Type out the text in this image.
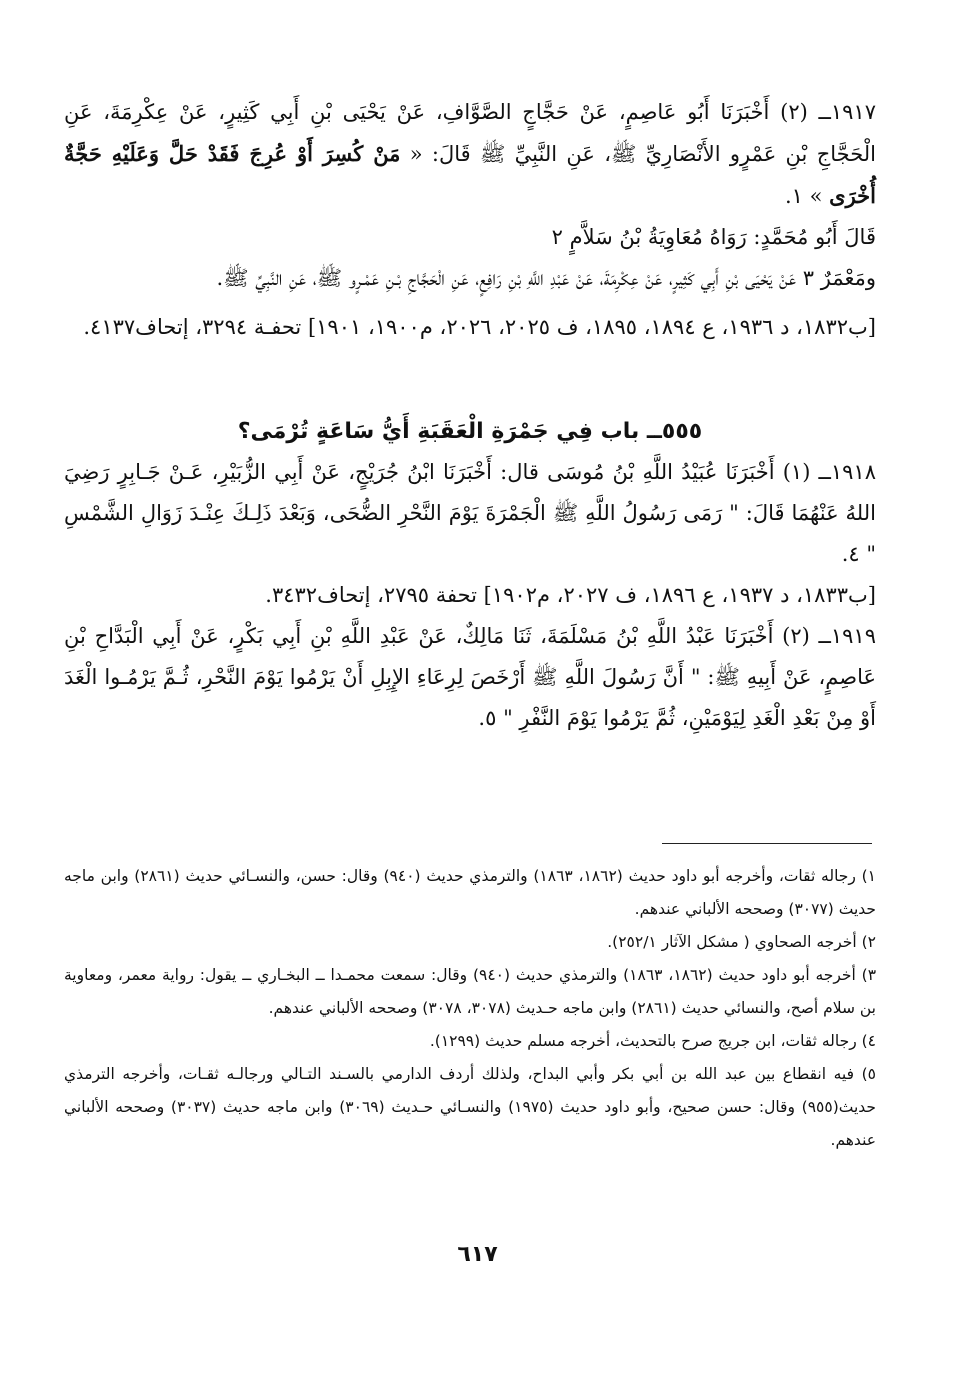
١٩١٧ــ (٢) أَخْبَرَنَا أَبُو عَاصِمٍ، عَنْ حَجَّاجٍ الصَّوَّافِ، عَنْ يَحْيَى بْنِ أَبِي كَثِيرٍ، عَنْ عِكْرِمَةَ، عَنِ الْحَجَّاجِ بْنِ عَمْرٍو الأَنْصَارِيِّ ﷺ، عَنِ النَّبِيِّ ﷺ قَالَ: « مَنْ كُسِرَ أَوْ عُرِجَ فَقَدْ حَلَّ وَعَلَيْهِ حَجَّةٌ أُخْرَى » ١.

قَالَ أَبُو مُحَمَّدٍ: رَوَاهُ مُعَاوِيَةُ بْنُ سَلاَّمٍ ٢

ومَعْمَرٌ ٣ عَنْ يَحْيَى بْنِ أَبِي كَثِيرٍ، عَنْ عِكْرِمَةَ، عَنْ عَبْدِ اللَّهِ بْنِ رَافِعٍ، عَنِ الْحَجَّاجِ بْـنِ عَمْـرٍو ﷺ، عَنِ النَّبِيِّ ﷺ.

[ب١٨٣٢، د ١٩٣٦، ع ١٨٩٤، ١٨٩٥، ف ٢٠٢٥، ٢٠٢٦، م١٩٠٠، ١٩٠١] تحفـة ٣٢٩٤، إتحاف٤١٣٧.

٥٥٥ــ باب فِي جَمْرَةِ الْعَقَبَةِ أَيُّ سَاعَةٍ تُرْمَى؟

١٩١٨ــ (١) أَخْبَرَنَا عُبَيْدُ اللَّهِ بْنُ مُوسَى قال: أَخْبَرَنَا ابْنُ جُرَيْجٍ، عَنْ أَبِي الزُّبَيْرِ، عَـنْ جَـابِرٍ رَضِيَ اللهُ عَنْهُمَا قَالَ: " رَمَى رَسُولُ اللَّهِ ﷺ الْجَمْرَةَ يَوْمَ النَّحْرِ الضُّحَى، وَبَعْدَ ذَلِـكَ عِنْـدَ زَوَالِ الشَّمْسِ " ٤.

[ب١٨٣٣، د ١٩٣٧، ع ١٨٩٦، ف ٢٠٢٧، م١٩٠٢] تحفة ٢٧٩٥، إتحاف٣٤٣٢.

١٩١٩ــ (٢) أَخْبَرَنَا عَبْدُ اللَّهِ بْنُ مَسْلَمَةَ، ثَنَا مَالِكٌ، عَنْ عَبْدِ اللَّهِ بْنِ أَبِي بَكْرٍ، عَنْ أَبِي الْبَدَّاحِ بْنِ عَاصِمٍ، عَنْ أَبِيهِ ﷺ: " أَنَّ رَسُولَ اللَّهِ ﷺ أَرْخَصَ لِرِعَاءِ الإِبِلِ أَنْ يَرْمُوا يَوْمَ النَّحْرِ، ثُـمَّ يَرْمُـوا الْغَدَ أَوْ مِنْ بَعْدِ الْغَدِ لِيَوْمَيْنِ، ثُمَّ يَرْمُوا يَوْمَ النَّفْرِ " ٥.

١) رجاله ثقات، وأخرجه أبو داود حديث (١٨٦٢، ١٨٦٣) والترمذي حديث (٩٤٠) وقال: حسن، والنسـائي حديث (٢٨٦١) وابن ماجه حديث (٣٠٧٧) وصححه الألباني عندهم.

٢) أخرجه الصحاوي ( مشكل الآثار ٢٥٢/١).

٣) أخرجه أبو داود حديث (١٨٦٢، ١٨٦٣) والترمذي حديث (٩٤٠) وقال: سمعت محمـدا ــ البخـاري ــ يقول: رواية معمر، ومعاوية بن سلام أصح، والنسائي حديث (٢٨٦١) وابن ماجه حـديث (٣٠٧٨، ٣٠٧٨) وصححه الألباني عندهم.

٤) رجاله ثقات، ابن جريج صرح بالتحديث، أخرجه مسلم حديث (١٢٩٩).

٥) فيه انقطاع بين عبد الله بن أبي بكر وأبي البداح، ولذلك أردف الدارمي بالسـند التـالي ورجالـه ثقـات، وأخرجه الترمذي حديث(٩٥٥) وقال: حسن صحيح، وأبو داود حديث (١٩٧٥) والنسـائي حـديث (٣٠٦٩) وابن ماجه حديث (٣٠٣٧) وصححه الألباني عندهم.

٦١٧
